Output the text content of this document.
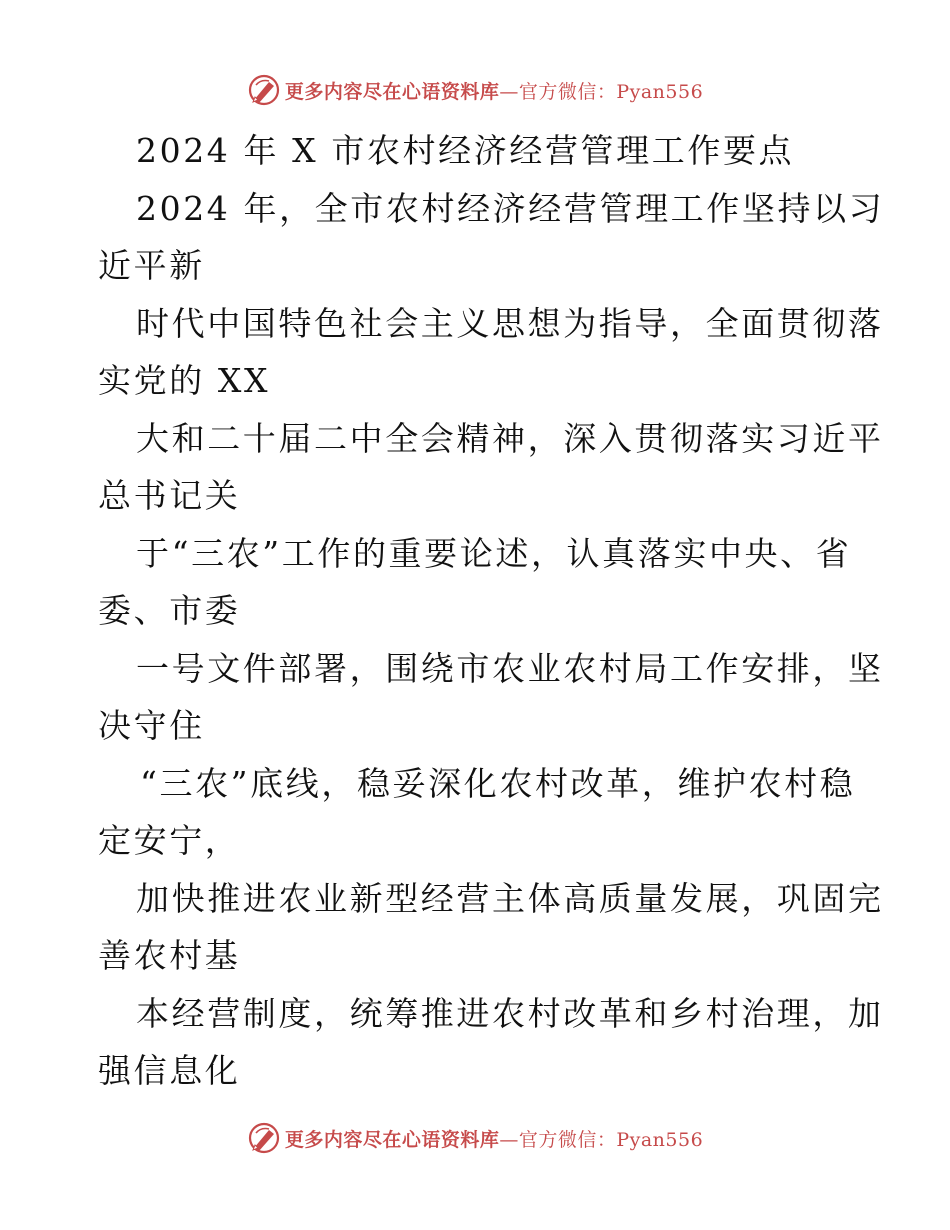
更多内容尽在心语资料库—官方微信：Pyan556
2024 年 X 市农村经济经营管理工作要点
2024 年，全市农村经济经营管理工作坚持以习
近平新
时代中国特色社会主义思想为指导，全面贯彻落
实党的 XX
大和二十届二中全会精神，深入贯彻落实习近平
总书记关
于“三农”工作的重要论述，认真落实中央、省
委、市委
一号文件部署，围绕市农业农村局工作安排，坚
决守住
“三农”底线，稳妥深化农村改革，维护农村稳
定安宁，
加快推进农业新型经营主体高质量发展，巩固完
善农村基
本经营制度，统筹推进农村改革和乡村治理，加
强信息化
更多内容尽在心语资料库—官方微信：Pyan556
